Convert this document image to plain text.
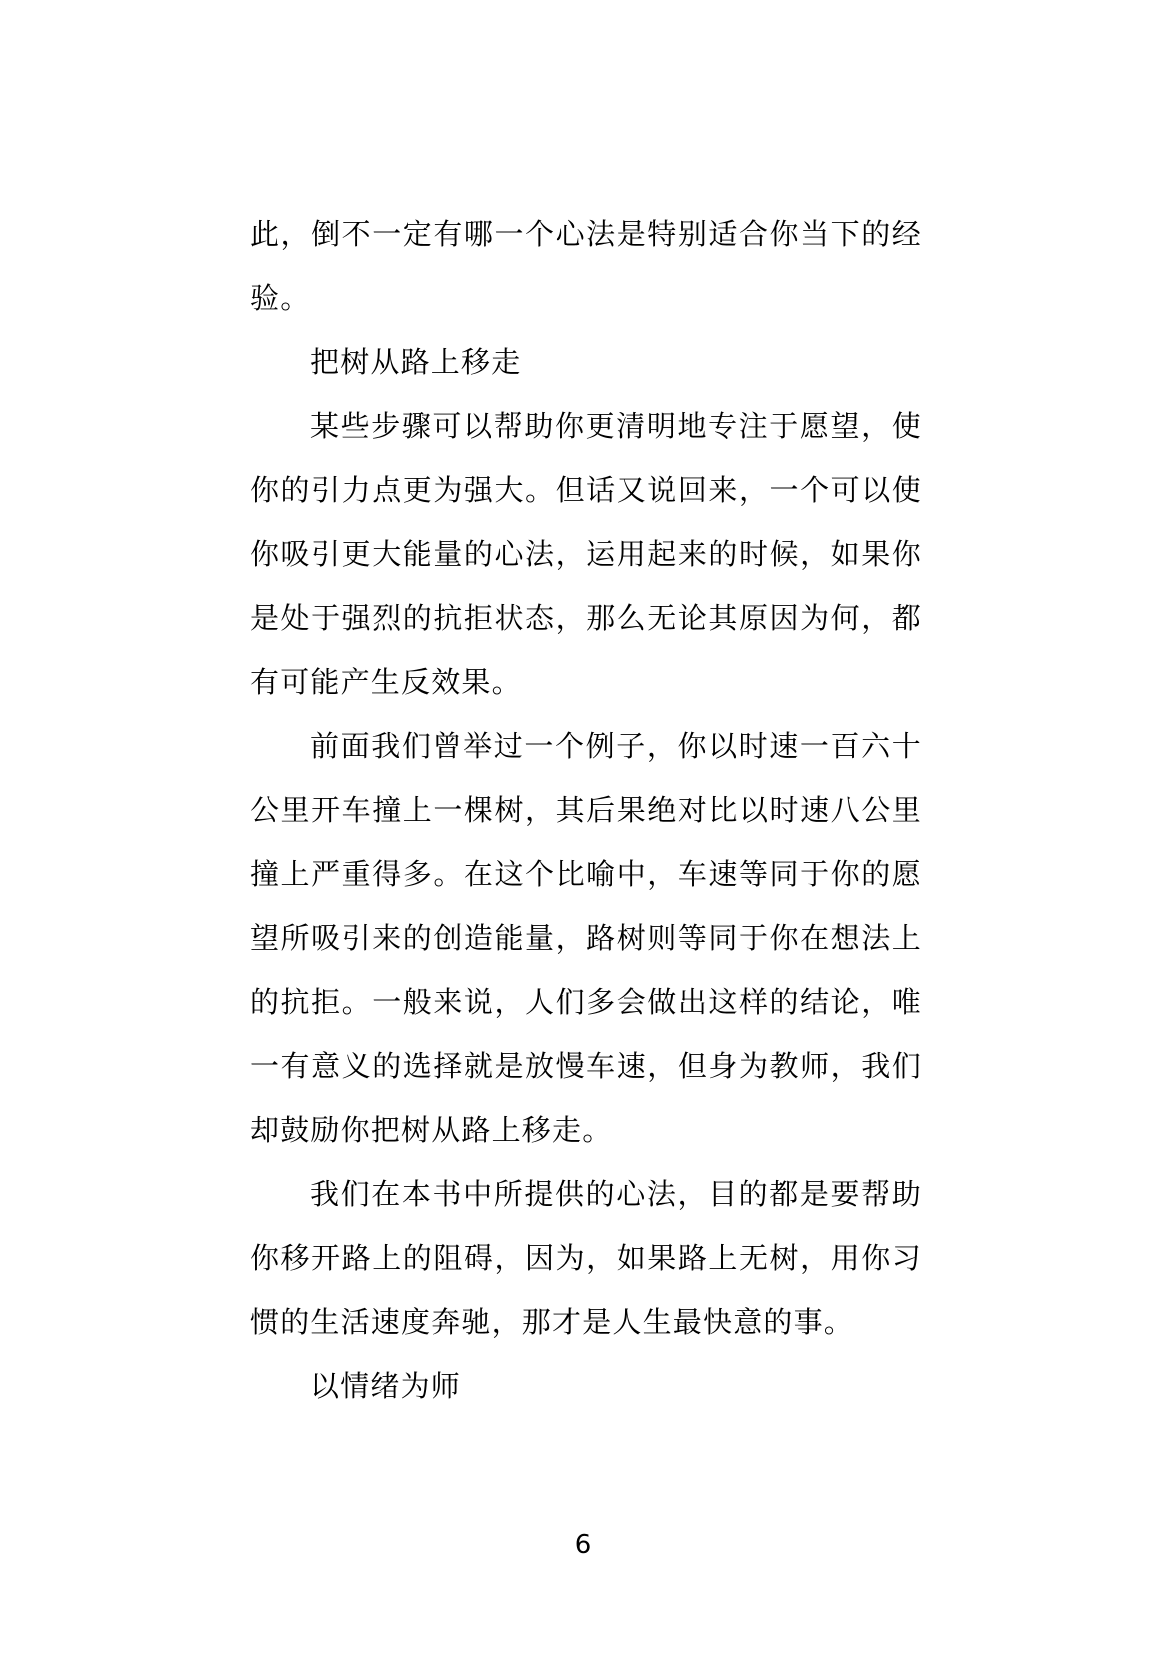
此，倒不一定有哪一个心法是特别适合你当下的经验。

把树从路上移走

某些步骤可以帮助你更清明地专注于愿望，使你的引力点更为强大。但话又说回来，一个可以使你吸引更大能量的心法，运用起来的时候，如果你是处于强烈的抗拒状态，那么无论其原因为何，都有可能产生反效果。

前面我们曾举过一个例子，你以时速一百六十公里开车撞上一棵树，其后果绝对比以时速八公里撞上严重得多。在这个比喻中，车速等同于你的愿望所吸引来的创造能量，路树则等同于你在想法上的抗拒。一般来说，人们多会做出这样的结论，唯一有意义的选择就是放慢车速，但身为教师，我们却鼓励你把树从路上移走。

我们在本书中所提供的心法，目的都是要帮助你移开路上的阻碍，因为，如果路上无树，用你习惯的生活速度奔驰，那才是人生最快意的事。

以情绪为师

6
